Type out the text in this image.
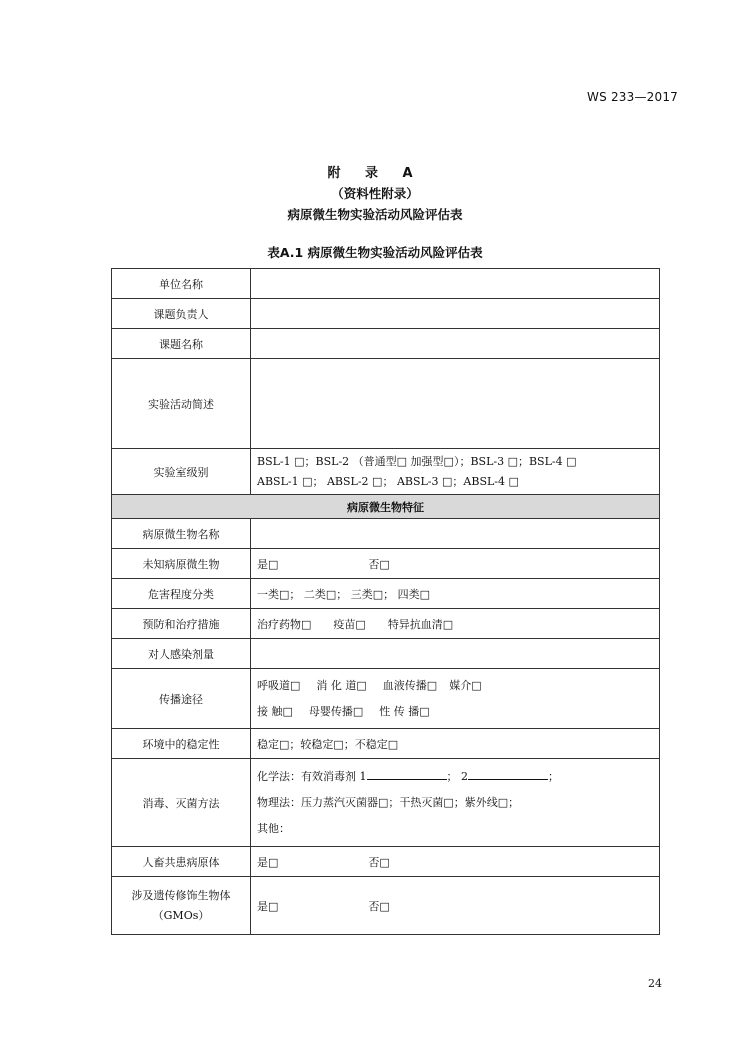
WS 233—2017
附 录 A
（资料性附录）
病原微生物实验活动风险评估表
表A.1 病原微生物实验活动风险评估表
单位名称	
课题负责人	
课题名称	
实验活动简述	
实验室级别	BSL-1 □；BSL-2 （普通型□ 加强型□）；BSL-3 □；BSL-4 □
ABSL-1 □； ABSL-2 □； ABSL-3 □；ABSL-4 □

病原微生物特征	
病原微生物名称	
未知病原微生物	是□ 否□
危害程度分类	一类□； 二类□； 三类□； 四类□
预防和治疗措施	治疗药物□ 疫苗□ 特异抗血清□
对人感染剂量	
传播途径	呼吸道□ 消 化 道□ 血液传播□ 媒介□
接 触□ 母婴传播□ 性 传 播□

环境中的稳定性	稳定□；较稳定□；不稳定□
消毒、灭菌方法	化学法：有效消毒剂 1 ； 2 ；
物理法：压力蒸汽灭菌器□；干热灭菌□；紫外线□；
其他：

人畜共患病原体	是□ 否□

涉及遗传修饰生物体
（GMOs）	是□ 否□
24
